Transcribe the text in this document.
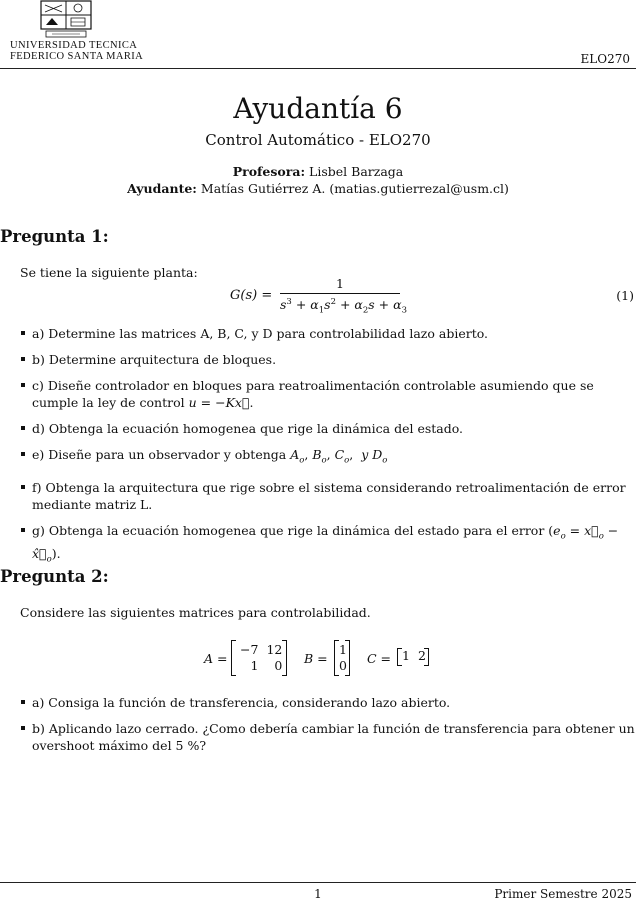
UNIVERSIDAD TECNICA
FEDERICO SANTA MARIA	ELO270
Ayudantía 6
Control Automático - ELO270
Profesora: Lisbel Barzaga
Ayudante: Matías Gutiérrez A. (matias.gutierrezal@usm.cl)
Pregunta 1:
Se tiene la siguiente planta:
G(s) =
1
$s^3 + \alpha_1s^2 + \alpha_2s + \alpha_3$
(1)
a) Determine las matrices A, B, C, y D para controlabilidad lazo abierto.
b) Determine arquitectura de bloques.
c) Diseñe controlador en bloques para reatroalimentación controlable asumiendo que se cumple la ley de control u = −Kx⃗.
d) Obtenga la ecuación homogenea que rige la dinámica del estado.
e) Diseñe para un observador y obtenga $A_o$, $B_o$, $C_o$,  y $D_o$
f) Obtenga la arquitectura que rige sobre el sistema considerando retroalimentación de error mediante matriz L.
g) Obtenga la ecuación homogenea que rige la dinámica del estado para el error ($e_o$ = $x⃗_o$ − $x̂⃗_o$).
Pregunta 2:
Considere las siguientes matrices para controlabilidad.
A =
−7	12
1	0 B =
1
0 C = 1 2
a) Consiga la función de transferencia, considerando lazo abierto.
b) Aplicando lazo cerrado. ¿Como debería cambiar la función de transferencia para obtener un overshoot máximo del 5 %?
1	Primer Semestre 2025
